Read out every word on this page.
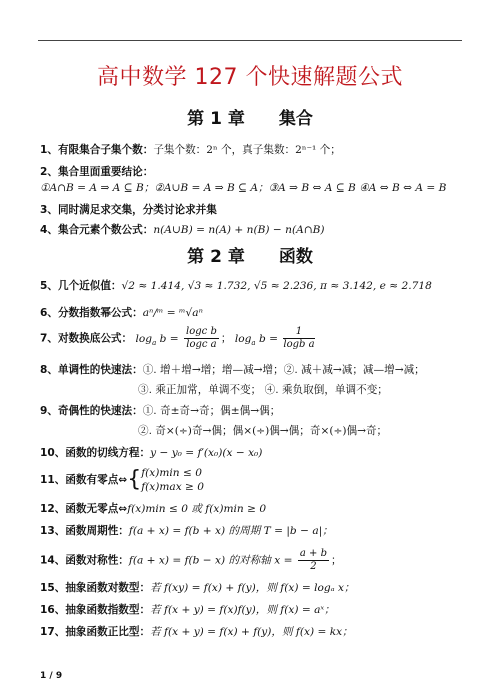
高中数学 127 个快速解题公式
第 1 章 集合
1、有限集合子集个数：子集个数：2ⁿ 个，真子集数：2ⁿ⁻¹ 个；
2、集合里面重要结论：
①A∩B = A ⇒ A ⊆ B；②A∪B = A ⇒ B ⊆ A；③A ⇒ B ⇔ A ⊆ B ④A ⇔ B ⇔ A = B
3、同时满足求交集，分类讨论求并集
4、集合元素个数公式：n(A∪B) = n(A) + n(B) − n(A∩B)
第 2 章 函数
5、几个近似值：√2 ≈ 1.414, √3 ≈ 1.732, √5 ≈ 2.236, π ≈ 3.142, e ≈ 2.718
6、分数指数幂公式：aⁿ/ᵐ = ᵐ√aⁿ
7、对数换底公式： $\log_a b = \frac{\text{logc b}}{\text{logc a}}$ ； $\log_a b = \frac{1}{\text{logb a}}$
8、单调性的快速法：①. 增＋增→增；增—减→增；②. 减＋减→减；减—增→减；
③. 乘正加常，单调不变； ④. 乘负取倒，单调不变；
9、奇偶性的快速法：①. 奇±奇→奇；偶±偶→偶；
②. 奇×(÷)奇→偶；偶×(÷)偶→偶；奇×(÷)偶→奇；
10、函数的切线方程：y − y₀ = f′(x₀)(x − x₀)
11、函数有零点⇔{ f(x)min ≤ 0
f(x)max ≥ 0
12、函数无零点⇔f(x)min ≤ 0 或 f(x)min ≥ 0
13、函数周期性：f(a + x) = f(b + x) 的周期 T = |b − a|；
14、函数对称性：f(a + x) = f(b − x) 的对称轴 $x = \frac{a + b}{2}$ ；
15、抽象函数对数型：若 f(xy) = f(x) + f(y)，则 f(x) = logₐ x；
16、抽象函数指数型：若 f(x + y) = f(x)f(y)，则 f(x) = aˣ；
17、抽象函数正比型：若 f(x + y) = f(x) + f(y)，则 f(x) = kx；
1 / 9
